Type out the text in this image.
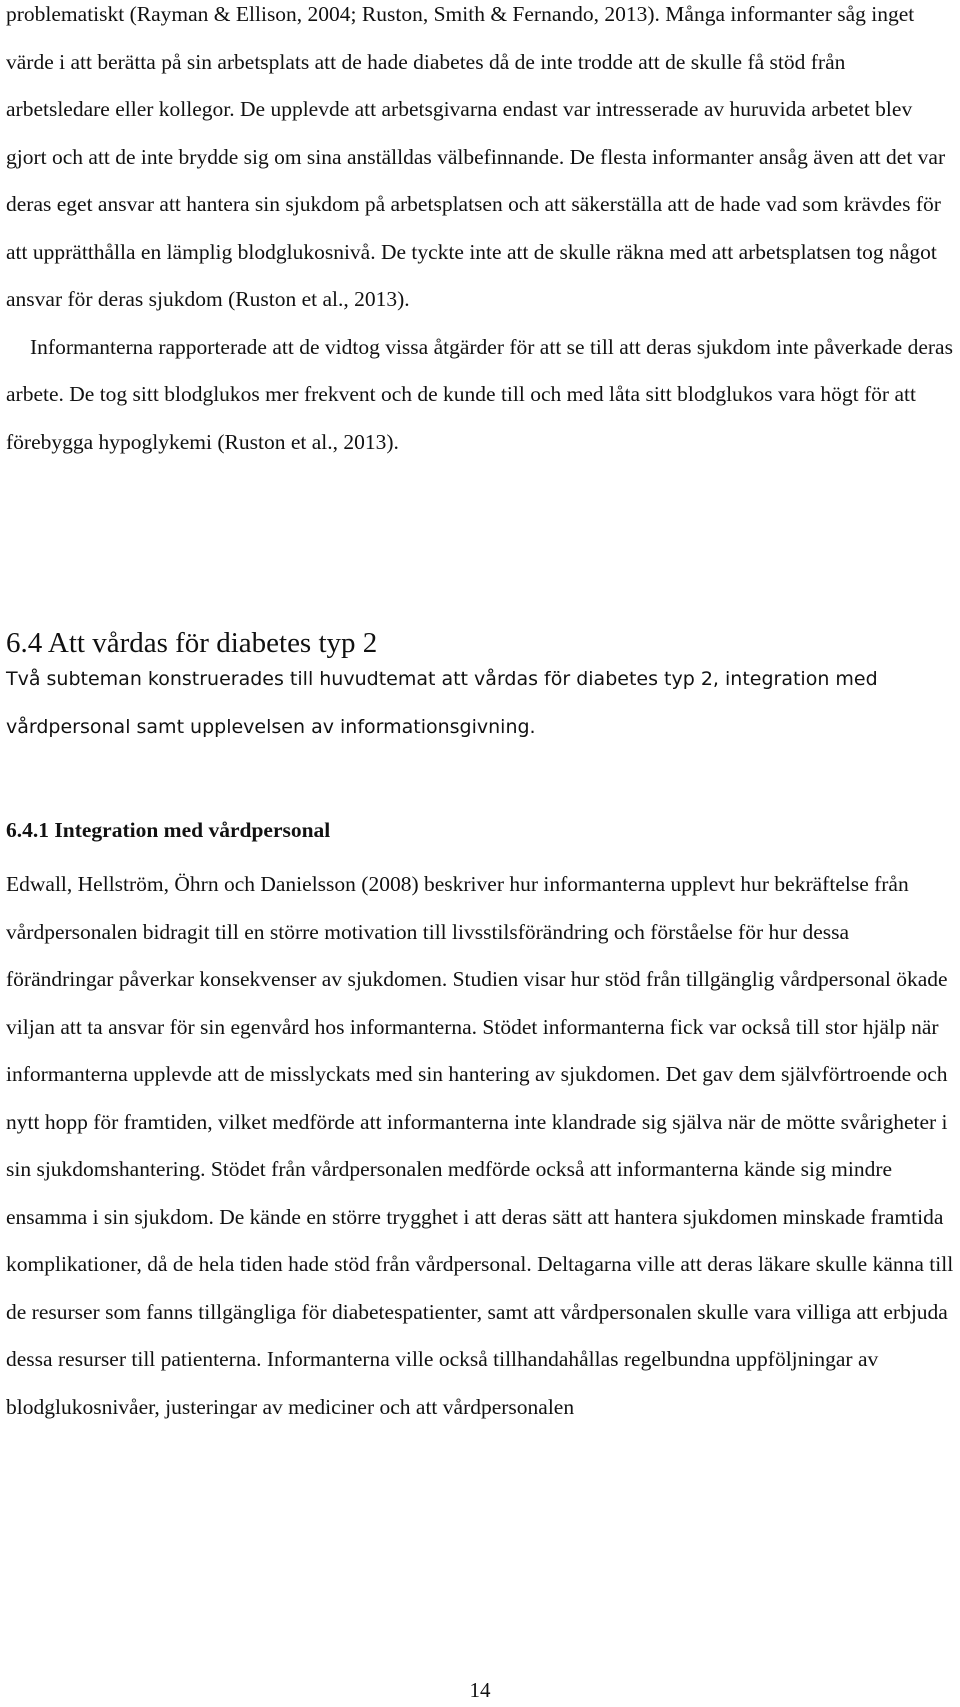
problematiskt (Rayman & Ellison, 2004; Ruston, Smith & Fernando, 2013). Många informanter såg inget värde i att berätta på sin arbetsplats att de hade diabetes då de inte trodde att de skulle få stöd från arbetsledare eller kollegor. De upplevde att arbetsgivarna endast var intresserade av huruvida arbetet blev gjort och att de inte brydde sig om sina anställdas välbefinnande. De flesta informanter ansåg även att det var deras eget ansvar att hantera sin sjukdom på arbetsplatsen och att säkerställa att de hade vad som krävdes för att upprätthålla en lämplig blodglukosnivå. De tyckte inte att de skulle räkna med att arbetsplatsen tog något ansvar för deras sjukdom (Ruston et al., 2013).

Informanterna rapporterade att de vidtog vissa åtgärder för att se till att deras sjukdom inte påverkade deras arbete. De tog sitt blodglukos mer frekvent och de kunde till och med låta sitt blodglukos vara högt för att förebygga hypoglykemi (Ruston et al., 2013).

6.4 Att vårdas för diabetes typ 2

Två subteman konstruerades till huvudtemat att vårdas för diabetes typ 2, integration med vårdpersonal samt upplevelsen av informationsgivning.

6.4.1 Integration med vårdpersonal

Edwall, Hellström, Öhrn och Danielsson (2008) beskriver hur informanterna upplevt hur bekräftelse från vårdpersonalen bidragit till en större motivation till livsstilsförändring och förståelse för hur dessa förändringar påverkar konsekvenser av sjukdomen. Studien visar hur stöd från tillgänglig vårdpersonal ökade viljan att ta ansvar för sin egenvård hos informanterna. Stödet informanterna fick var också till stor hjälp när informanterna upplevde att de misslyckats med sin hantering av sjukdomen. Det gav dem självförtroende och nytt hopp för framtiden, vilket medförde att informanterna inte klandrade sig själva när de mötte svårigheter i sin sjukdomshantering. Stödet från vårdpersonalen medförde också att informanterna kände sig mindre ensamma i sin sjukdom. De kände en större trygghet i att deras sätt att hantera sjukdomen minskade framtida komplikationer, då de hela tiden hade stöd från vårdpersonal. Deltagarna ville att deras läkare skulle känna till de resurser som fanns tillgängliga för diabetespatienter, samt att vårdpersonalen skulle vara villiga att erbjuda dessa resurser till patienterna. Informanterna ville också tillhandahållas regelbundna uppföljningar av blodglukosnivåer, justeringar av mediciner och att vårdpersonalen

14
